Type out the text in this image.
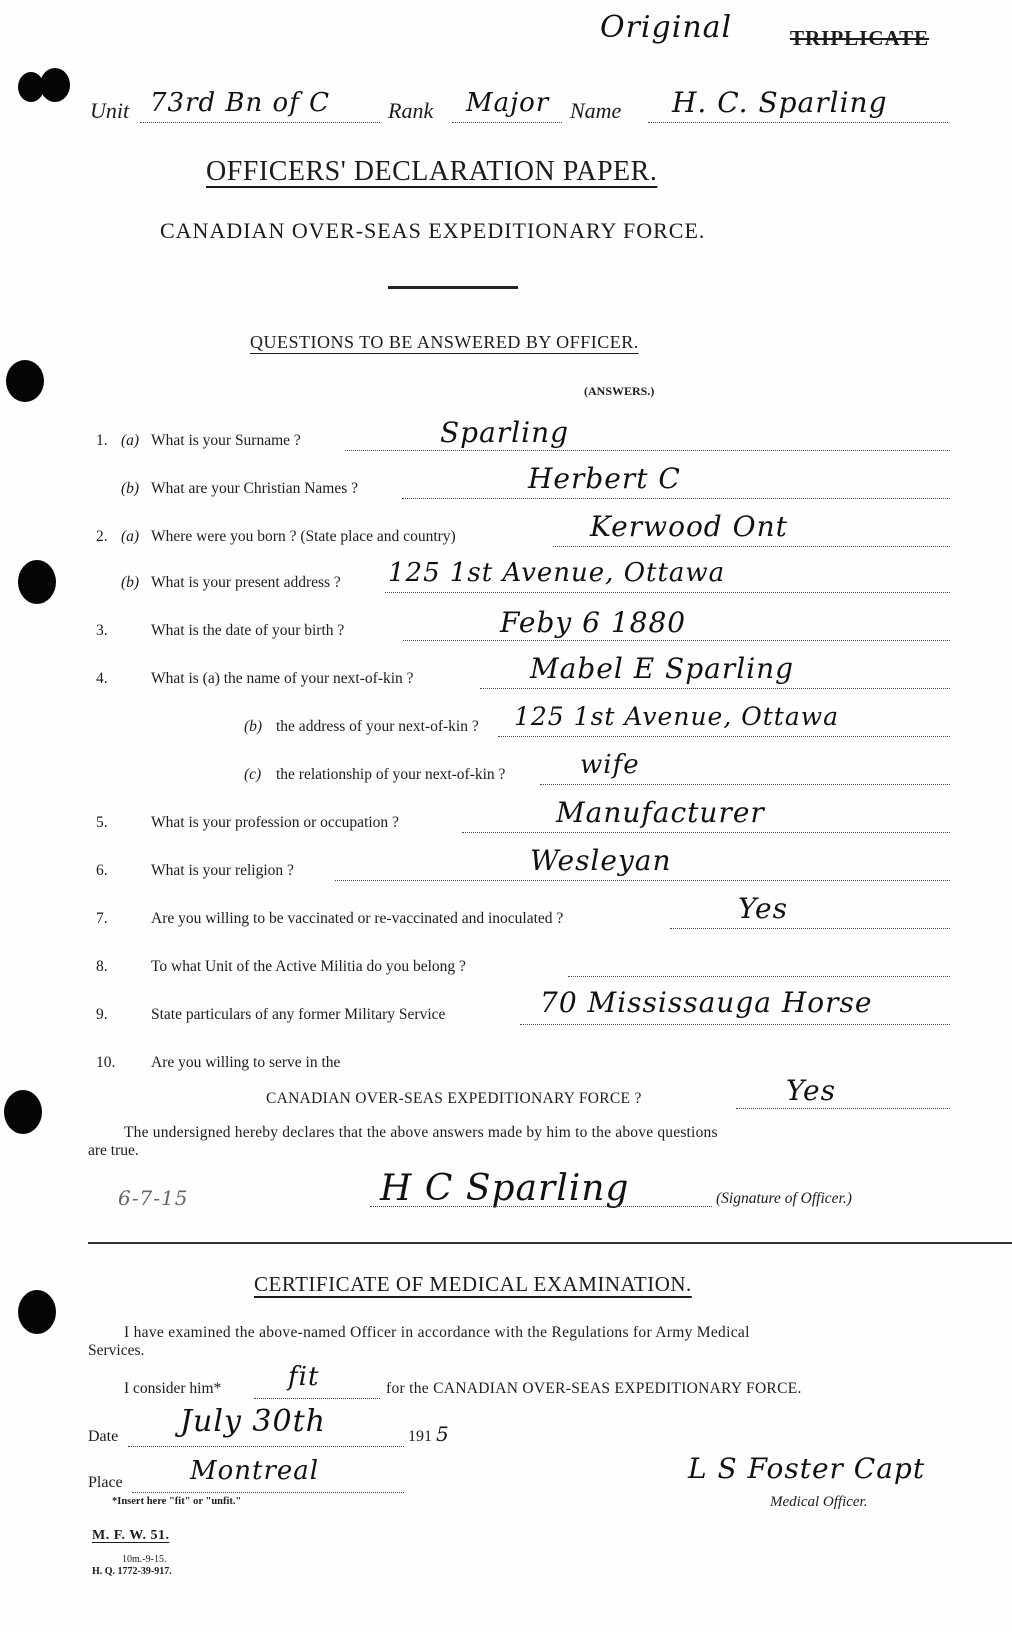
Original	TRIPLICATE
Unit 73rd Bn of C	Rank Major Name H. C. Sparling
OFFICERS' DECLARATION PAPER.
CANADIAN OVER-SEAS EXPEDITIONARY FORCE.
QUESTIONS TO BE ANSWERED BY OFFICER.
(ANSWERS.)
1. (a) What is your Surname ?	Sparling
(b) What are your Christian Names ?	Herbert C
2. (a) Where were you born ? (State place and country)	Kerwood Ont
(b) What is your present address ? 125 1st Avenue, Ottawa
3.	What is the date of your birth ?	Feby 6 1880
4.	What is (a) the name of your next-of-kin ?	Mabel E Sparling
(b) the address of your next-of-kin ? 125 1st Avenue, Ottawa
(c) the relationship of your next-of-kin ?	wife
5.	What is your profession or occupation ?	Manufacturer
6.	What is your religion ?	Wesleyan
7.	Are you willing to be vaccinated or re-vaccinated and inoculated ?	Yes
8.	To what Unit of the Active Militia do you belong ?
9.	State particulars of any former Military Service	70 Mississauga Horse
10. Are you willing to serve in the
CANADIAN OVER-SEAS EXPEDITIONARY FORCE ?	Yes
The undersigned hereby declares that the above answers made by him to the above questions
are true.
6-7-15	H C Sparling	(Signature of Officer.)
CERTIFICATE OF MEDICAL EXAMINATION.
I have examined the above-named Officer in accordance with the Regulations for Army Medical
Services.
I consider him*	fit	for the CANADIAN OVER-SEAS EXPEDITIONARY FORCE.
Date July 30th	191 5
Place	Montreal	L S Foster Capt
Medical Officer.
*Insert here "fit" or "unfit."
M. F. W. 51.
10m.-9-15.
H. Q. 1772-39-917.
